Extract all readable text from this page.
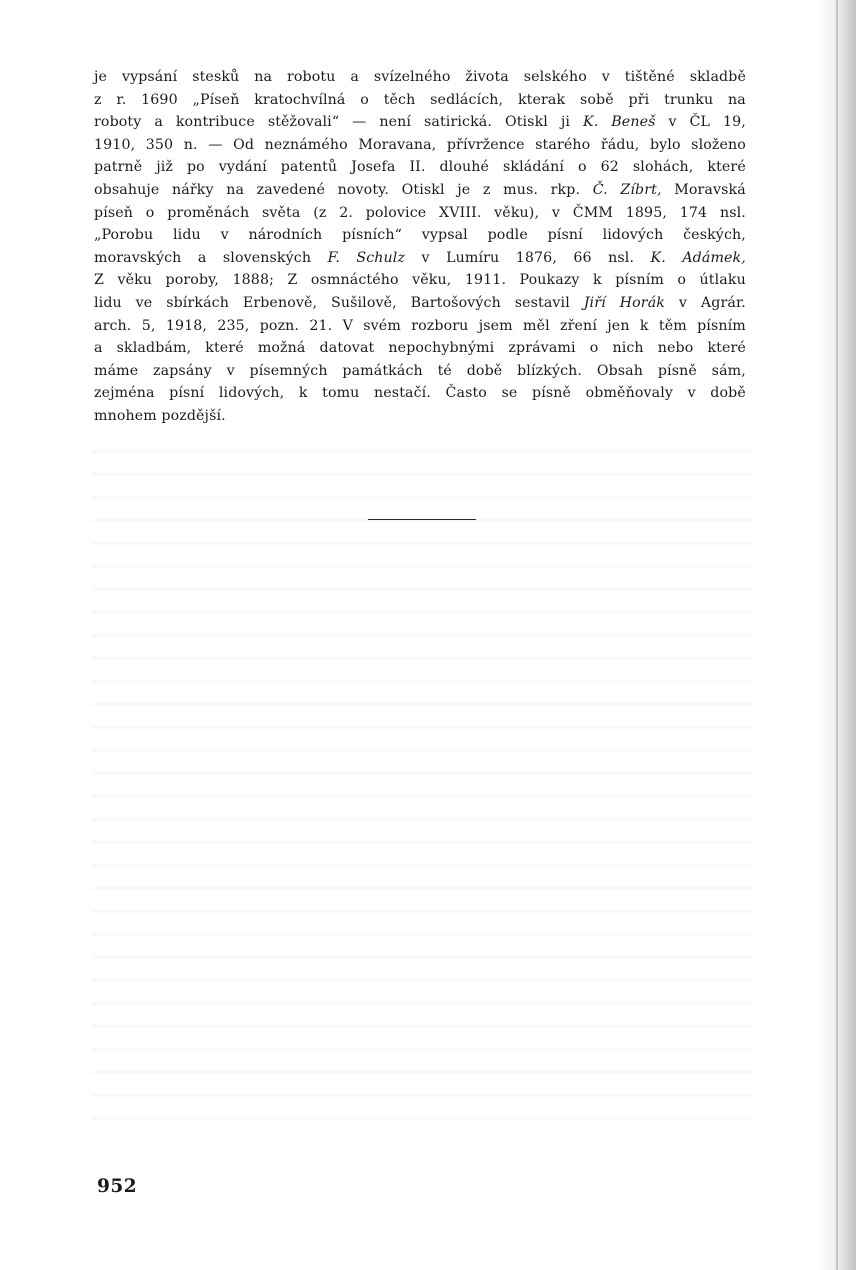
je vypsání stesků na robotu a svízelného života selského v tištěné skladbě
z r. 1690 „Píseň kratochvílná o těch sedlácích, kterak sobě při trunku na
roboty a kontribuce stěžovali“ — není satirická. Otiskl ji K. Beneš v ČL 19,
1910, 350 n. — Od neznámého Moravana, přívržence starého řádu, bylo složeno
patrně již po vydání patentů Josefa II. dlouhé skládání o 62 slohách, které
obsahuje nářky na zavedené novoty. Otiskl je z mus. rkp. Č. Zíbrt, Moravská
píseň o proměnách světa (z 2. polovice XVIII. věku), v ČMM 1895, 174 nsl.
„Porobu lidu v národních písních“ vypsal podle písní lidových českých,
moravských a slovenských F. Schulz v Lumíru 1876, 66 nsl. K. Adámek,
Z věku poroby, 1888; Z osmnáctého věku, 1911. Poukazy k písním o útlaku
lidu ve sbírkách Erbenově, Sušilově, Bartošových sestavil Jiří Horák v Agrár.
arch. 5, 1918, 235, pozn. 21. V svém rozboru jsem měl zření jen k těm písním
a skladbám, které možná datovat nepochybnými zprávami o nich nebo které
máme zapsány v písemných památkách té době blízkých. Obsah písně sám,
zejména písní lidových, k tomu nestačí. Často se písně obměňovaly v době
mnohem pozdější.
952
